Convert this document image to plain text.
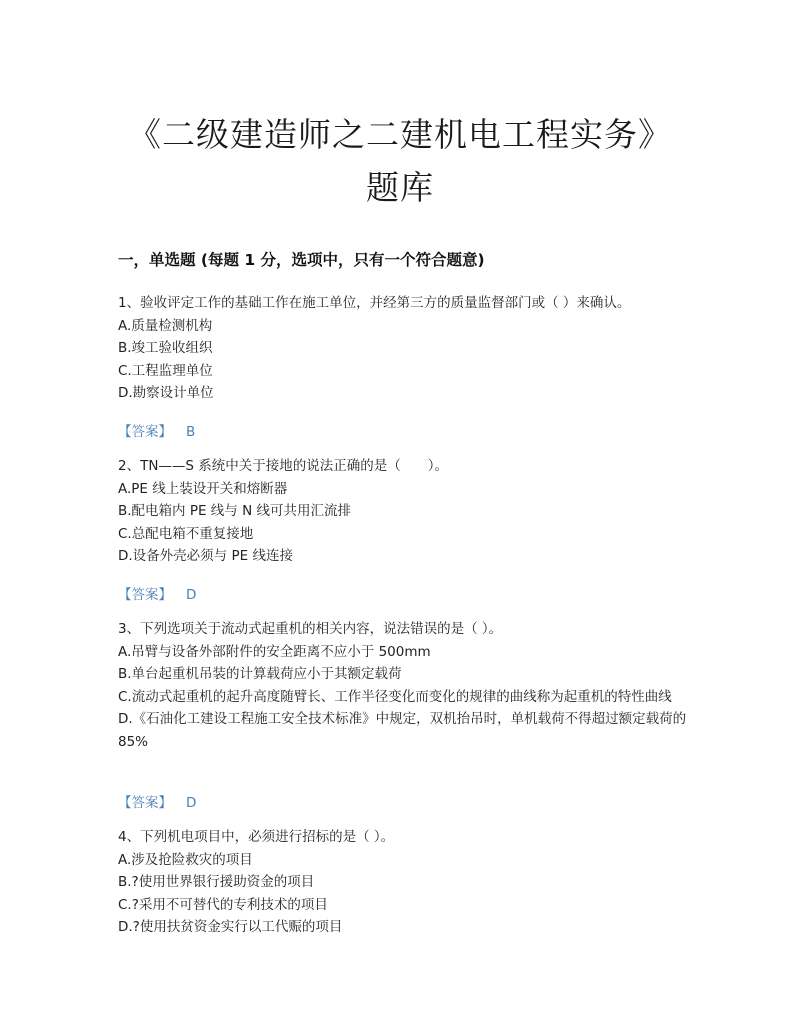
《二级建造师之二建机电工程实务》
题库
一，单选题 (每题 1 分，选项中，只有一个符合题意)
1、验收评定工作的基础工作在施工单位，并经第三方的质量监督部门或（ ）来确认。
A.质量检测机构
B.竣工验收组织
C.工程监理单位
D.勘察设计单位
【答案】 B
2、TN——S 系统中关于接地的说法正确的是（　　）。
A.PE 线上装设开关和熔断器
B.配电箱内 PE 线与 N 线可共用汇流排
C.总配电箱不重复接地
D.设备外壳必须与 PE 线连接
【答案】 D
3、下列选项关于流动式起重机的相关内容，说法错误的是（ ）。
A.吊臂与设备外部附件的安全距离不应小于 500mm
B.单台起重机吊装的计算载荷应小于其额定载荷
C.流动式起重机的起升高度随臂长、工作半径变化而变化的规律的曲线称为起重机的特性曲线
D.《石油化工建设工程施工安全技术标准》中规定，双机抬吊时，单机载荷不得超过额定载荷的 85%
【答案】 D
4、下列机电项目中，必须进行招标的是（ ）。
A.涉及抢险救灾的项目
B.?使用世界银行援助资金的项目
C.?采用不可替代的专利技术的项目
D.?使用扶贫资金实行以工代赈的项目
